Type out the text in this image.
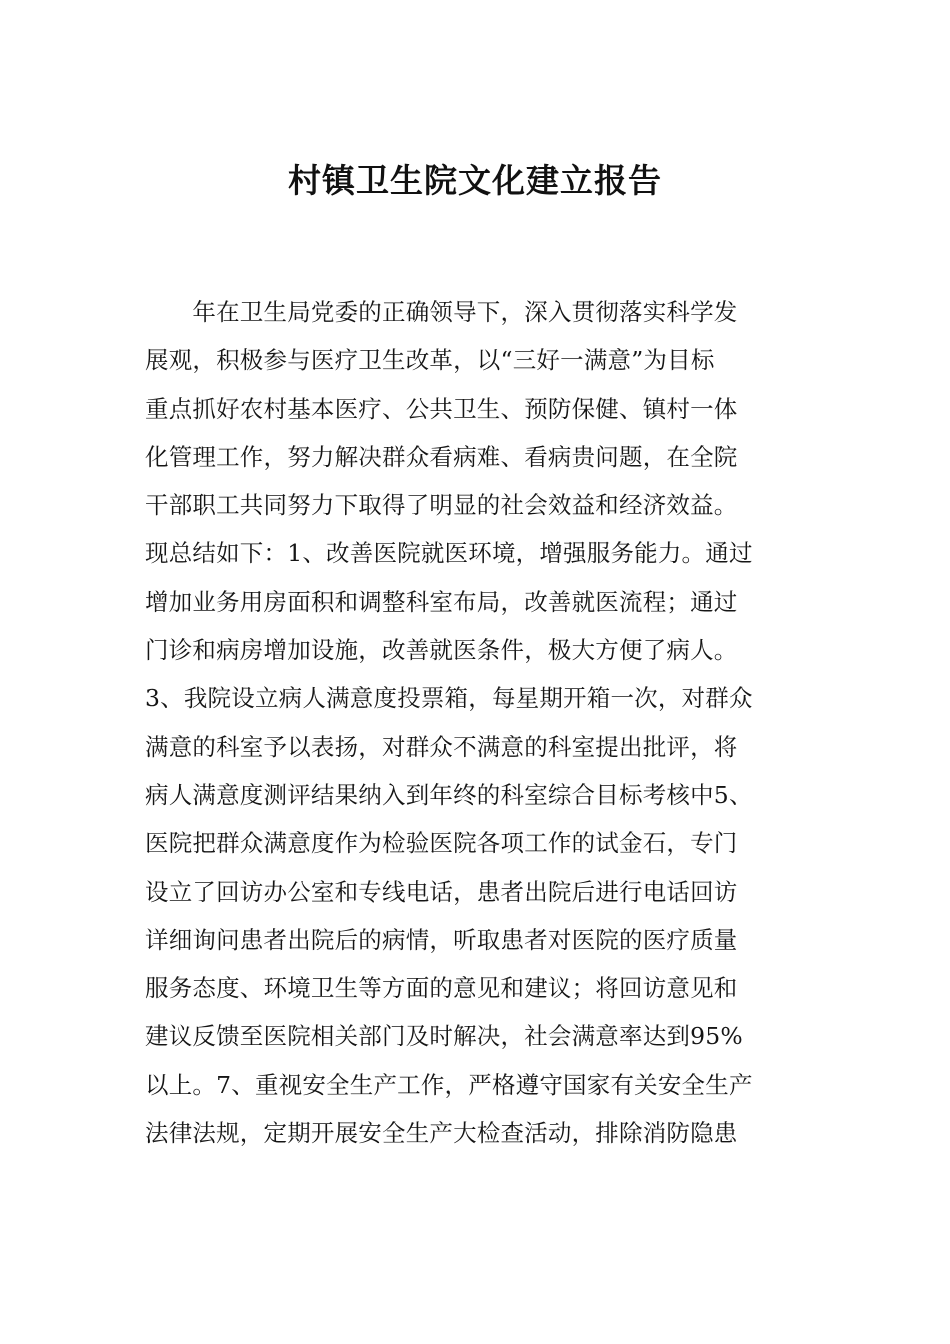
村镇卫生院文化建立报告
　　年在卫生局党委的正确领导下，深入贯彻落实科学发
展观，积极参与医疗卫生改革，以“三好一满意”为目标
重点抓好农村基本医疗、公共卫生、预防保健、镇村一体
化管理工作，努力解决群众看病难、看病贵问题，在全院
干部职工共同努力下取得了明显的社会效益和经济效益。
现总结如下：1、改善医院就医环境，增强服务能力。通过
增加业务用房面积和调整科室布局，改善就医流程；通过
门诊和病房增加设施，改善就医条件，极大方便了病人。
3、我院设立病人满意度投票箱，每星期开箱一次，对群众
满意的科室予以表扬，对群众不满意的科室提出批评，将
病人满意度测评结果纳入到年终的科室综合目标考核中5、
医院把群众满意度作为检验医院各项工作的试金石，专门
设立了回访办公室和专线电话，患者出院后进行电话回访
详细询问患者出院后的病情，听取患者对医院的医疗质量
服务态度、环境卫生等方面的意见和建议；将回访意见和
建议反馈至医院相关部门及时解决，社会满意率达到95%
以上。7、重视安全生产工作，严格遵守国家有关安全生产
法律法规，定期开展安全生产大检查活动，排除消防隐患
